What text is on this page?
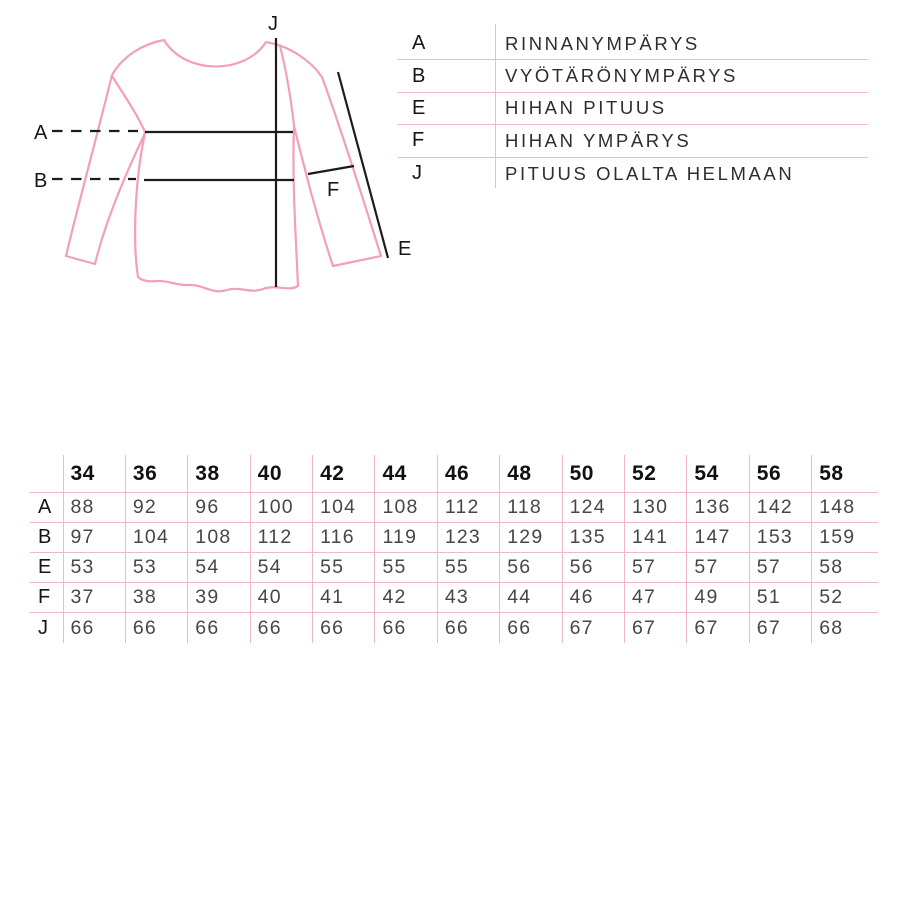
J
A
B	F
E
A	RINNANYMPÄRYS
B	VYÖTÄRÖNYMPÄRYS
E	HIHAN PITUUS
F	HIHAN YMPÄRYS
J	PITUUS OLALTA HELMAAN
34	36	38	40	42	44	46	48	50	52	54	56	58
A 88	92	96	100	104	108	112	118	124	130	136	142	148
B 97	104	108	112	116	119	123	129	135	141	147	153	159
E 53	53	54	54	55	55	55	56	56	57	57	57	58
F	37	38	39	40	41	42	43	44	46	47	49	51	52
J	66	66	66	66	66	66	66	66	67	67	67	67	68
